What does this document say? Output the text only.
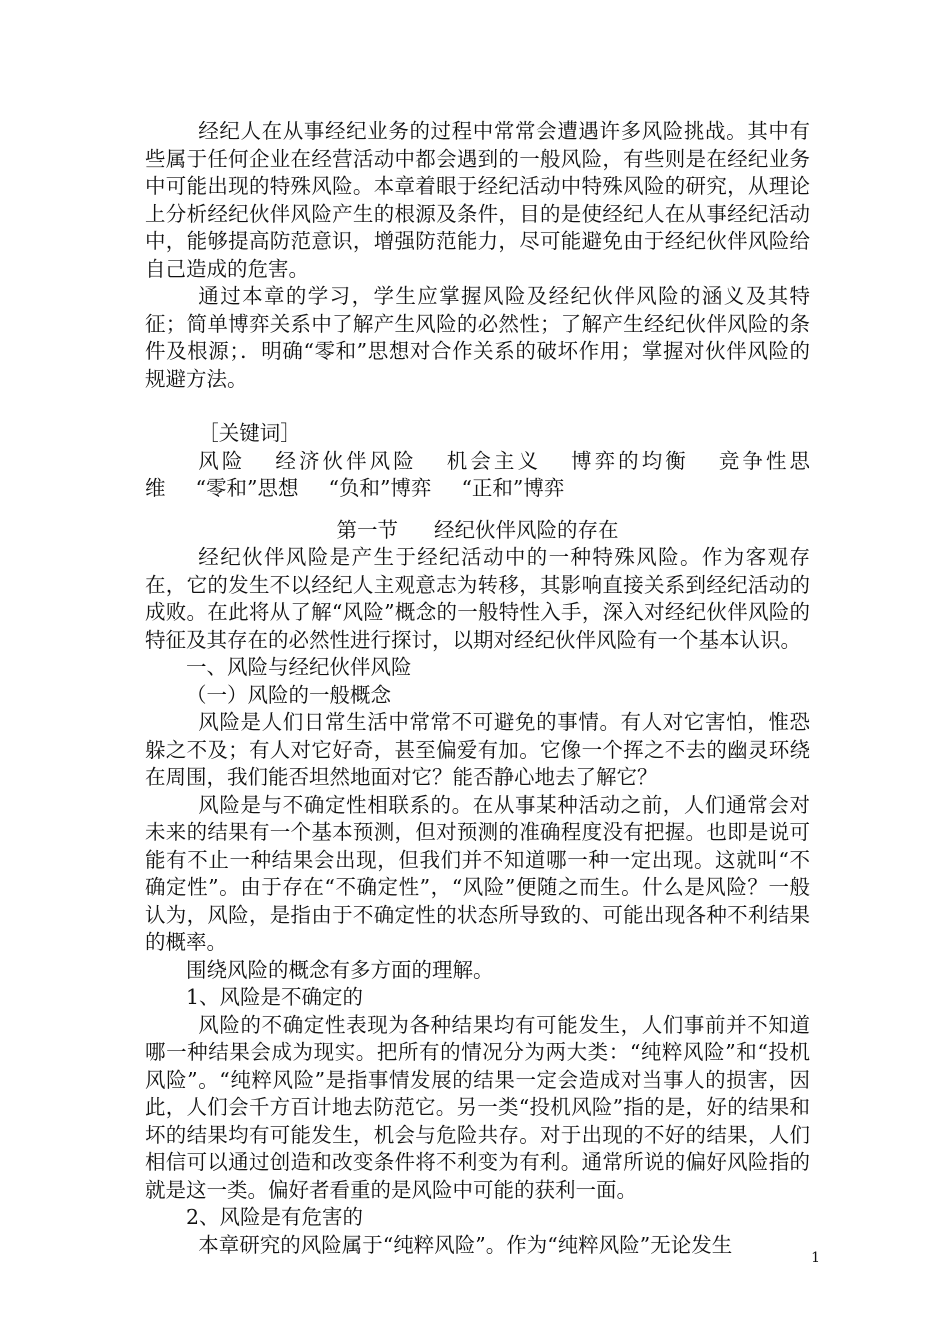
经纪人在从事经纪业务的过程中常常会遭遇许多风险挑战。其中有些属于任何企业在经营活动中都会遇到的一般风险，有些则是在经纪业务中可能出现的特殊风险。本章着眼于经纪活动中特殊风险的研究，从理论上分析经纪伙伴风险产生的根源及条件，目的是使经纪人在从事经纪活动中，能够提高防范意识，增强防范能力，尽可能避免由于经纪伙伴风险给自己造成的危害。

通过本章的学习，学生应掌握风险及经纪伙伴风险的涵义及其特征；简单博弈关系中了解产生风险的必然性；了解产生经纪伙伴风险的条件及根源；．明确“零和”思想对合作关系的破坏作用；掌握对伙伴风险的规避方法。

［关键词］

风险 经济伙伴风险 机会主义 博弈的均衡 竞争性思维 “零和”思想 “负和”博弈 “正和”博弈

第一节 经纪伙伴风险的存在

经纪伙伴风险是产生于经纪活动中的一种特殊风险。作为客观存在，它的发生不以经纪人主观意志为转移，其影响直接关系到经纪活动的成败。在此将从了解“风险”概念的一般特性入手，深入对经纪伙伴风险的特征及其存在的必然性进行探讨，以期对经纪伙伴风险有一个基本认识。

一、风险与经纪伙伴风险

（一）风险的一般概念

风险是人们日常生活中常常不可避免的事情。有人对它害怕，惟恐躲之不及；有人对它好奇，甚至偏爱有加。它像一个挥之不去的幽灵环绕在周围，我们能否坦然地面对它？能否静心地去了解它？

风险是与不确定性相联系的。在从事某种活动之前，人们通常会对未来的结果有一个基本预测，但对预测的准确程度没有把握。也即是说可能有不止一种结果会出现，但我们并不知道哪一种一定出现。这就叫“不确定性”。由于存在“不确定性”，“风险”便随之而生。什么是风险？一般认为，风险，是指由于不确定性的状态所导致的、可能出现各种不利结果的概率。

围绕风险的概念有多方面的理解。

1、风险是不确定的

风险的不确定性表现为各种结果均有可能发生，人们事前并不知道哪一种结果会成为现实。把所有的情况分为两大类：“纯粹风险”和“投机风险”。“纯粹风险”是指事情发展的结果一定会造成对当事人的损害，因此，人们会千方百计地去防范它。另一类“投机风险”指的是，好的结果和坏的结果均有可能发生，机会与危险共存。对于出现的不好的结果，人们相信可以通过创造和改变条件将不利变为有利。通常所说的偏好风险指的就是这一类。偏好者看重的是风险中可能的获利一面。

2、风险是有危害的

本章研究的风险属于“纯粹风险”。作为“纯粹风险”无论发生

1
